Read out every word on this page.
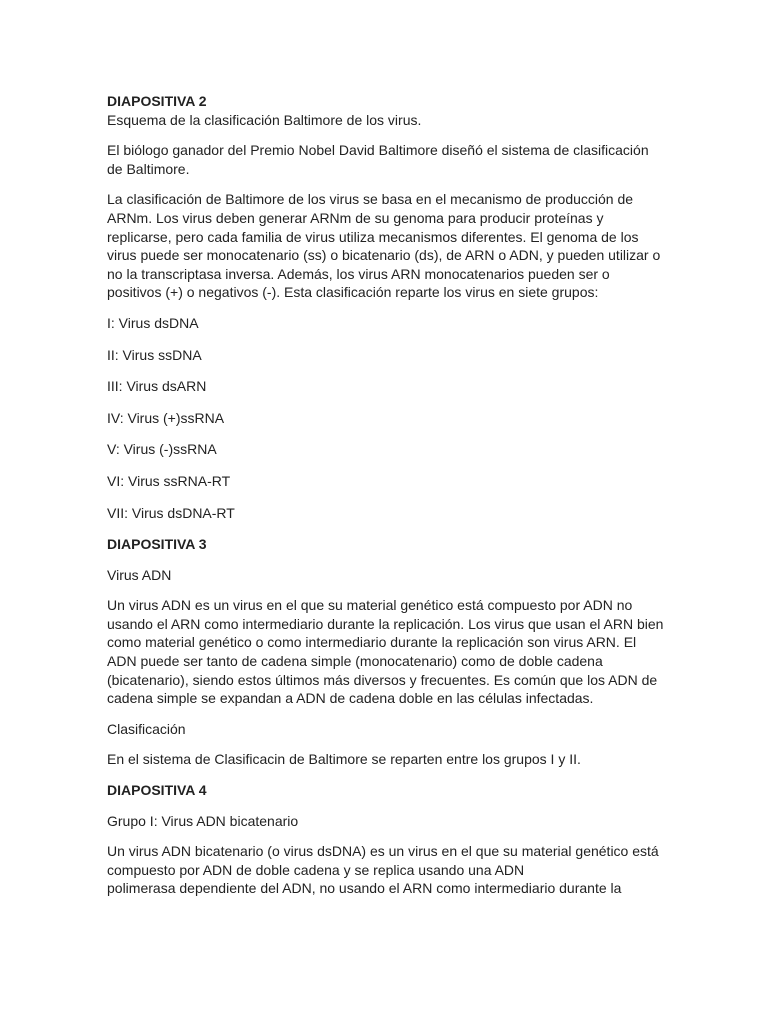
DIAPOSITIVA 2

Esquema de la clasificación Baltimore de los virus.

El biólogo ganador del Premio Nobel David Baltimore diseñó el sistema de clasificación de Baltimore.

La clasificación de Baltimore de los virus se basa en el mecanismo de producción de ARNm. Los virus deben generar ARNm de su genoma para producir proteínas y replicarse, pero cada familia de virus utiliza mecanismos diferentes. El genoma de los virus puede ser monocatenario (ss) o bicatenario (ds), de ARN o ADN, y pueden utilizar o no la transcriptasa inversa. Además, los virus ARN monocatenarios pueden ser o positivos (+) o negativos (-). Esta clasificación reparte los virus en siete grupos:

I: Virus dsDNA
II: Virus ssDNA
III: Virus dsARN
IV: Virus (+)ssRNA
V: Virus (-)ssRNA
VI: Virus ssRNA-RT
VII: Virus dsDNA-RT

DIAPOSITIVA 3

Virus ADN

Un virus ADN es un virus en el que su material genético está compuesto por ADN no usando el ARN como intermediario durante la replicación. Los virus que usan el ARN bien como material genético o como intermediario durante la replicación son virus ARN. El ADN puede ser tanto de cadena simple (monocatenario) como de doble cadena (bicatenario), siendo estos últimos más diversos y frecuentes. Es común que los ADN de cadena simple se expandan a ADN de cadena doble en las células infectadas.

Clasificación

En el sistema de Clasificacin de Baltimore se reparten entre los grupos I y II.

DIAPOSITIVA 4

Grupo I: Virus ADN bicatenario

Un virus ADN bicatenario (o virus dsDNA) es un virus en el que su material genético está compuesto por ADN de doble cadena y se replica usando una ADN
polimerasa dependiente del ADN, no usando el ARN como intermediario durante la
